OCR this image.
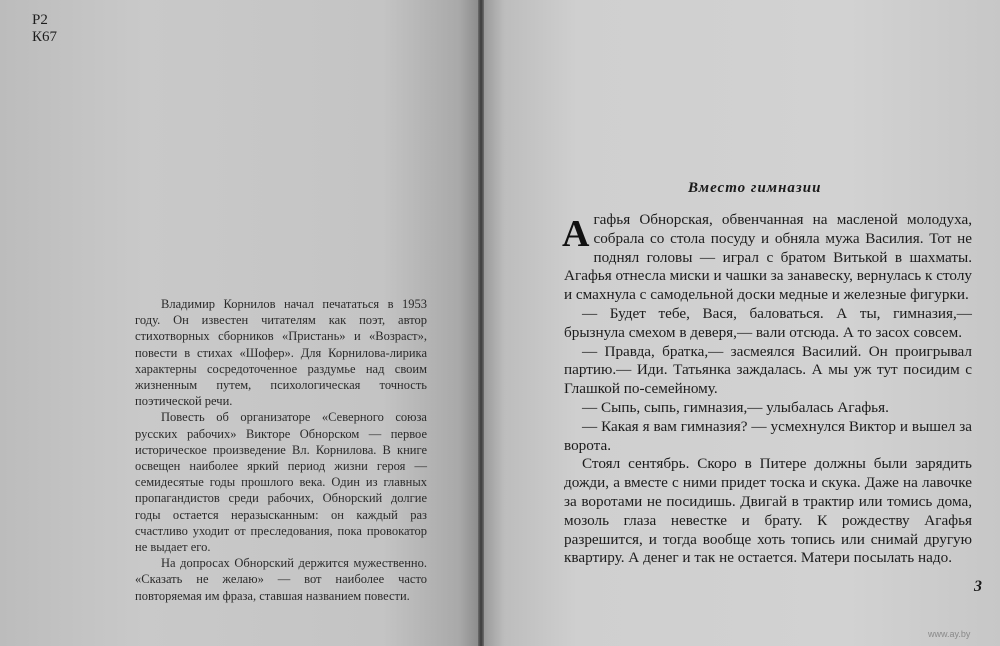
Р2
К67

Владимир Корнилов начал печататься в 1953 году. Он известен читателям как поэт, автор стихотворных сборников «Пристань» и «Возраст», повести в стихах «Шофер». Для Корнилова-лирика характерны сосредоточенное раздумье над своим жизненным путем, психологическая точность поэтической речи.

Повесть об организаторе «Северного союза русских рабочих» Викторе Обнорском — первое историческое произведение Вл. Корнилова. В книге освещен наиболее яркий период жизни героя — семидесятые годы прошлого века. Один из главных пропагандистов среди рабочих, Обнорский долгие годы остается неразысканным: он каждый раз счастливо уходит от преследования, пока провокатор не выдает его.

На допросах Обнорский держится мужественно. «Сказать не желаю» — вот наиболее часто повторяемая им фраза, ставшая названием повести.

Вместо гимназии

Агафья Обнорская, обвенчанная на масленой молодуха, собрала со стола посуду и обняла мужа Василия. Тот не поднял головы — играл с братом Витькой в шахматы. Агафья отнесла миски и чашки за занавеску, вернулась к столу и смахнула с самодельной доски медные и железные фигурки.

— Будет тебе, Вася, баловаться. А ты, гимназия,— брызнула смехом в деверя,— вали отсюда. А то засох совсем.

— Правда, братка,— засмеялся Василий. Он проигрывал партию.— Иди. Татьянка заждалась. А мы уж тут посидим с Глашкой по-семейному.

— Сыпь, сыпь, гимназия,— улыбалась Агафья.

— Какая я вам гимназия? — усмехнулся Виктор и вышел за ворота.

Стоял сентябрь. Скоро в Питере должны были зарядить дожди, а вместе с ними придет тоска и скука. Даже на лавочке за воротами не посидишь. Двигай в трактир или томись дома, мозоль глаза невестке и брату. К рождеству Агафья разрешится, и тогда вообще хоть топись или снимай другую квартиру. А денег и так не остается. Матери посылать надо.

3
www.ay.by
